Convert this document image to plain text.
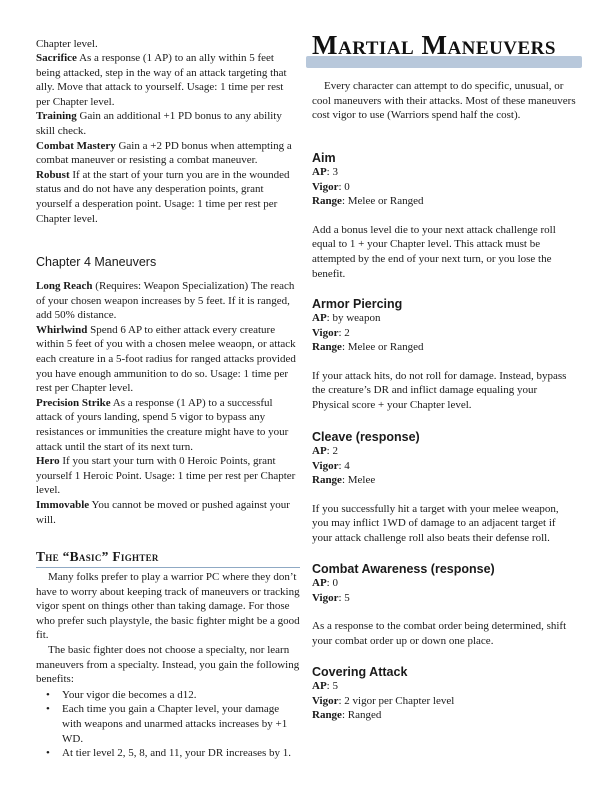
Chapter level.

Sacrifice As a response (1 AP) to an ally within 5 feet being attacked, step in the way of an attack targeting that ally. Move that attack to yourself. Usage: 1 time per rest per Chapter level.

Training Gain an additional +1 PD bonus to any ability skill check.

Combat Mastery Gain a +2 PD bonus when attempting a combat maneuver or resisting a combat maneuver.

Robust If at the start of your turn you are in the wounded status and do not have any desperation points, grant yourself a desperation point. Usage: 1 time per rest per Chapter level.

Chapter 4 Maneuvers

Long Reach (Requires: Weapon Specialization) The reach of your chosen weapon increases by 5 feet. If it is ranged, add 50% distance.

Whirlwind Spend 6 AP to either attack every creature within 5 feet of you with a chosen melee weaopn, or attack each creature in a 5-foot radius for ranged attacks provided you have enough ammunition to do so. Usage: 1 time per rest per Chapter level.

Precision Strike As a response (1 AP) to a successful attack of yours landing, spend 5 vigor to bypass any resistances or immunities the creature might have to your attack until the start of its next turn.

Hero If you start your turn with 0 Heroic Points, grant yourself 1 Heroic Point. Usage: 1 time per rest per Chapter level.

Immovable You cannot be moved or pushed against your will.

The “Basic” Fighter

Many folks prefer to play a warrior PC where they don’t have to worry about keeping track of maneuvers or tracking vigor spent on things other than taking damage. For those who prefer such playstyle, the basic fighter might be a good fit.

The basic fighter does not choose a specialty, nor learn maneuvers from a specialty. Instead, you gain the following benefits:

• Your vigor die becomes a d12.
• Each time you gain a Chapter level, your damage with weapons and unarmed attacks increases by +1 WD.
• At tier level 2, 5, 8, and 11, your DR increases by 1.
Martial Maneuvers

Every character can attempt to do specific, unusual, or cool maneuvers with their attacks. Most of these maneuvers cost vigor to use (Warriors spend half the cost).

Aim

AP: 3

Vigor: 0

Range: Melee or Ranged

Add a bonus level die to your next attack challenge roll equal to 1 + your Chapter level. This attack must be attempted by the end of your next turn, or you lose the benefit.

Armor Piercing

AP: by weapon

Vigor: 2

Range: Melee or Ranged

If your attack hits, do not roll for damage. Instead, bypass the creature’s DR and inflict damage equaling your Physical score + your Chapter level.

Cleave (response)

AP: 2

Vigor: 4

Range: Melee

If you successfully hit a target with your melee weapon, you may inflict 1WD of damage to an adjacent target if your attack challenge roll also beats their defense roll.

Combat Awareness (response)

AP: 0

Vigor: 5

As a response to the combat order being determined, shift your combat order up or down one place.

Covering Attack

AP: 5

Vigor: 2 vigor per Chapter level

Range: Ranged
